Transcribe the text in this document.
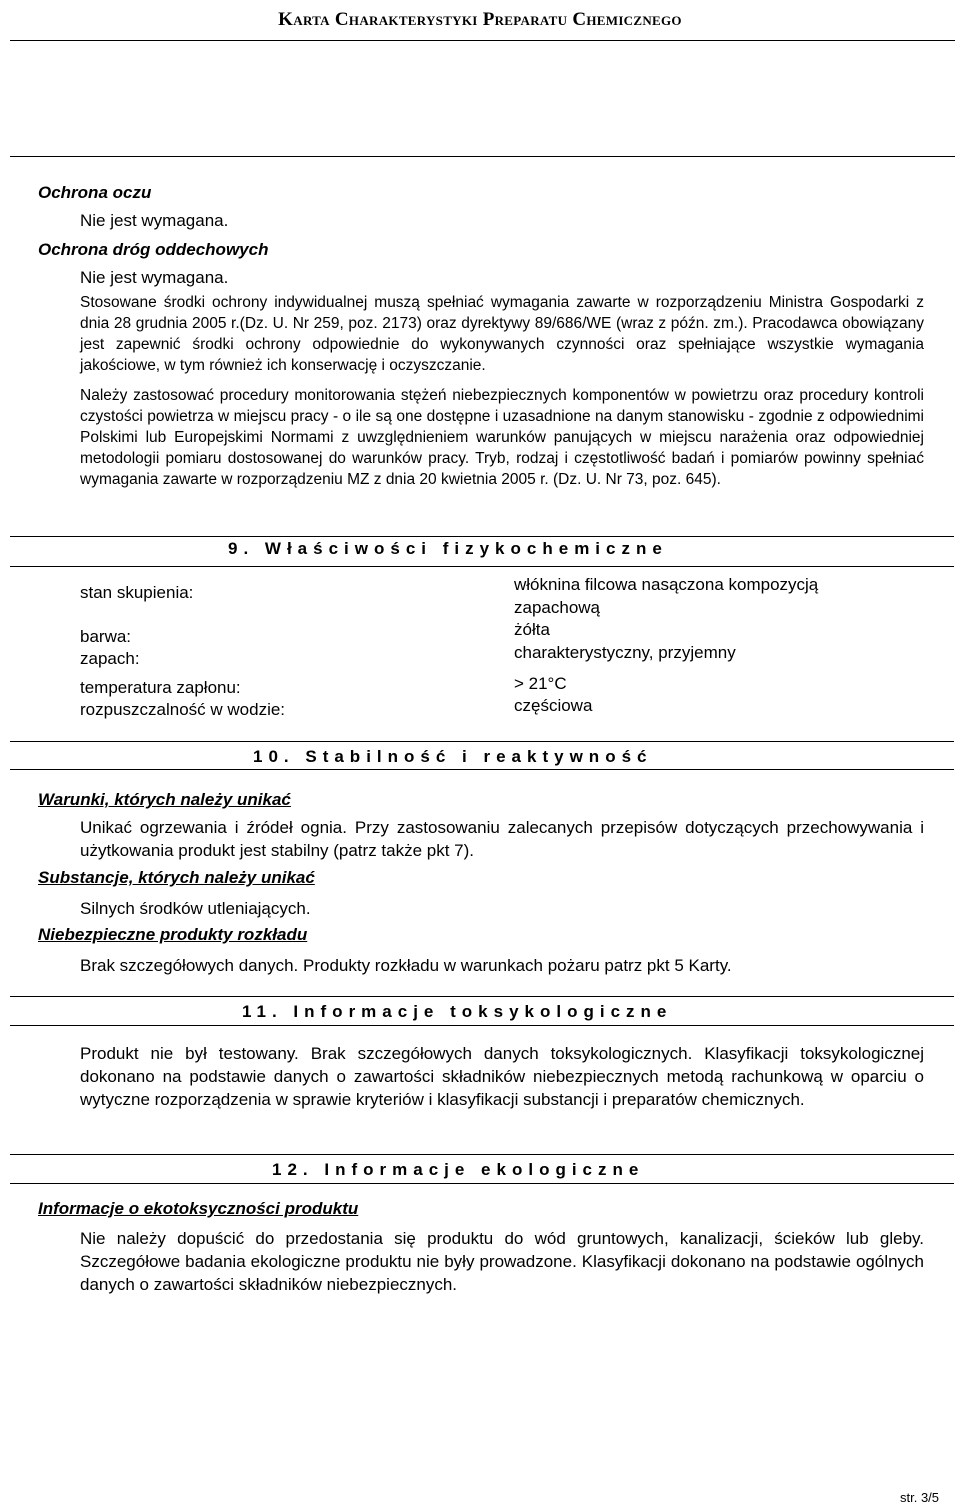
Karta Charakterystyki Preparatu Chemicznego
Ochrona oczu
Nie jest wymagana.
Ochrona dróg oddechowych
Nie jest wymagana.
Stosowane środki ochrony indywidualnej muszą spełniać wymagania zawarte w rozporządzeniu Ministra Gospodarki z dnia 28 grudnia 2005 r.(Dz. U. Nr 259, poz. 2173) oraz dyrektywy 89/686/WE (wraz z późn. zm.). Pracodawca obowiązany jest zapewnić środki ochrony odpowiednie do wykonywanych czynności oraz spełniające wszystkie wymagania jakościowe, w tym również ich konserwację i oczyszczanie.
Należy zastosować procedury monitorowania stężeń niebezpiecznych komponentów w powietrzu oraz procedury kontroli czystości powietrza w miejscu pracy - o ile są one dostępne i uzasadnione na danym stanowisku - zgodnie z odpowiednimi Polskimi lub Europejskimi Normami z uwzględnieniem warunków panujących w miejscu narażenia oraz odpowiedniej metodologii pomiaru dostosowanej do warunków pracy. Tryb, rodzaj i częstotliwość badań i pomiarów powinny spełniać wymagania zawarte w rozporządzeniu MZ z dnia 20 kwietnia 2005 r. (Dz. U. Nr 73, poz. 645).
9. Właściwości fizykochemiczne
stan skupienia:
barwa:
zapach:
temperatura zapłonu:
rozpuszczalność w wodzie:
włóknina filcowa nasączona kompozycją
zapachową
żółta
charakterystyczny, przyjemny
> 21°C
częściowa
10. Stabilność i reaktywność
Warunki, których należy unikać
Unikać ogrzewania i źródeł ognia. Przy zastosowaniu zalecanych przepisów dotyczących przechowywania i użytkowania produkt jest stabilny (patrz także pkt 7).
Substancje, których należy unikać
Silnych środków utleniających.
Niebezpieczne produkty rozkładu
Brak szczegółowych danych. Produkty rozkładu w warunkach pożaru patrz pkt 5 Karty.
11. Informacje toksykologiczne
Produkt nie był testowany. Brak szczegółowych danych toksykologicznych. Klasyfikacji toksykologicznej dokonano na podstawie danych o zawartości składników niebezpiecznych metodą rachunkową w oparciu o wytyczne rozporządzenia w sprawie kryteriów i klasyfikacji substancji i preparatów chemicznych.
12. Informacje ekologiczne
Informacje o ekotoksyczności produktu
Nie należy dopuścić do przedostania się produktu do wód gruntowych, kanalizacji, ścieków lub gleby. Szczegółowe badania ekologiczne produktu nie były prowadzone. Klasyfikacji dokonano na podstawie ogólnych danych o zawartości składników niebezpiecznych.
str. 3/5
